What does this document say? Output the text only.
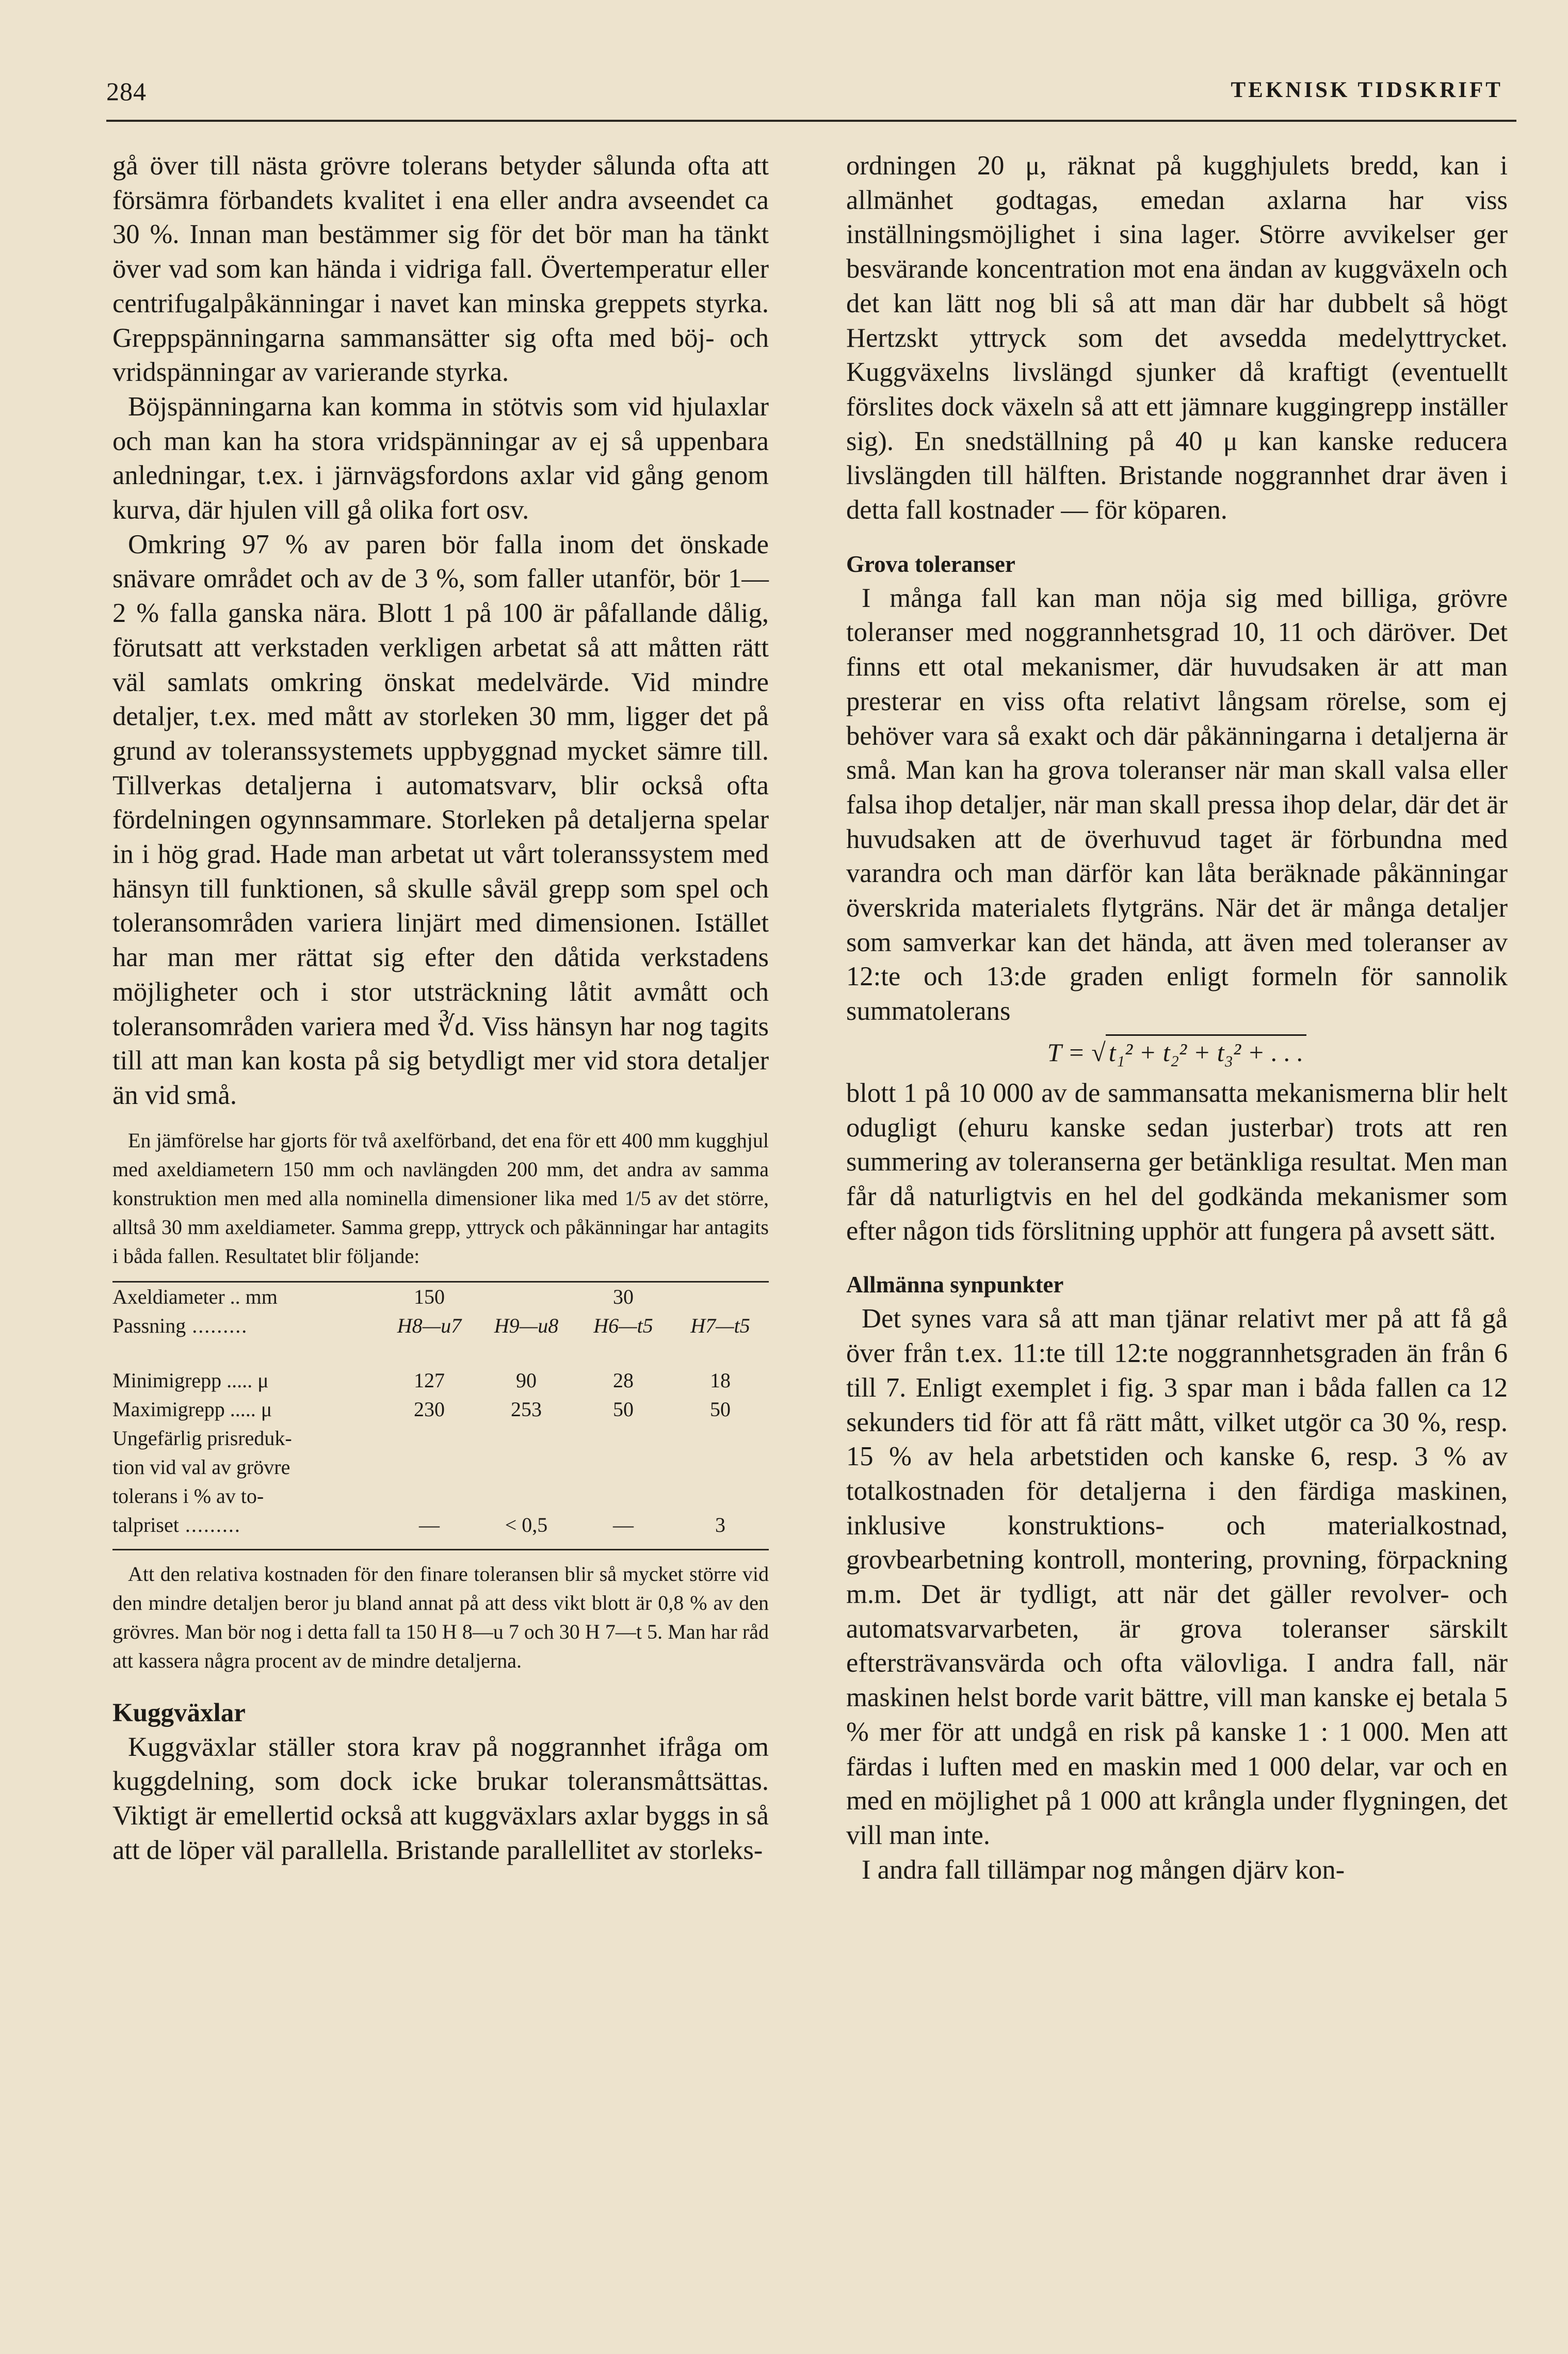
284	TEKNISK TIDSKRIFT

gå över till nästa grövre tolerans betyder sålunda ofta att försämra förbandets kvalitet i ena eller andra avseendet ca 30 %. Innan man bestämmer sig för det bör man ha tänkt över vad som kan hända i vidriga fall. Övertemperatur eller centrifugalpåkänningar i navet kan minska greppets styrka. Greppspänningarna sammansätter sig ofta med böj- och vridspänningar av varierande styrka.

Böjspänningarna kan komma in stötvis som vid hjulaxlar och man kan ha stora vridspänningar av ej så uppenbara anledningar, t.ex. i järnvägsfordons axlar vid gång genom kurva, där hjulen vill gå olika fort osv.

Omkring 97 % av paren bör falla inom det önskade snävare området och av de 3 %, som faller utanför, bör 1—2 % falla ganska nära. Blott 1 på 100 är påfallande dålig, förutsatt att verkstaden verkligen arbetat så att måtten rätt väl samlats omkring önskat medelvärde. Vid mindre detaljer, t.ex. med mått av storleken 30 mm, ligger det på grund av toleranssystemets uppbyggnad mycket sämre till. Tillverkas detaljerna i automatsvarv, blir också ofta fördelningen ogynnsammare. Storleken på detaljerna spelar in i hög grad. Hade man arbetat ut vårt toleranssystem med hänsyn till funktionen, så skulle såväl grepp som spel och toleransområden variera linjärt med dimensionen. Istället har man mer rättat sig efter den dåtida verkstadens möjligheter och i stor utsträckning låtit avmått och toleransområden variera med ∛d. Viss hänsyn har nog tagits till att man kan kosta på sig betydligt mer vid stora detaljer än vid små.

En jämförelse har gjorts för två axelförband, det ena för ett 400 mm kugghjul med axeldiametern 150 mm och navlängden 200 mm, det andra av samma konstruktion men med alla nominella dimensioner lika med 1/5 av det större, alltså 30 mm axeldiameter. Samma grepp, yttryck och påkänningar har antagits i båda fallen. Resultatet blir följande:

Axeldiameter .. mm	150		30	
Passning .....	H8—u7	H9—u8	H6—t5	H7—t5

Minimigrepp ..... μ	127	90	28	18
Maximigrepp ..... μ	230	253	50	50
Ungefärlig prisreduk-				
tion vid val av grövre				
tolerans i % av to-				
talpriset .....	—	< 0,5	—	3

Att den relativa kostnaden för den finare toleransen blir så mycket större vid den mindre detaljen beror ju bland annat på att dess vikt blott är 0,8 % av den grövres. Man bör nog i detta fall ta 150 H 8—u 7 och 30 H 7—t 5. Man har råd att kassera några procent av de mindre detaljerna.

Kuggväxlar

Kuggväxlar ställer stora krav på noggrannhet ifråga om kuggdelning, som dock icke brukar toleransmåttsättas. Viktigt är emellertid också att kuggväxlars axlar byggs in så att de löper väl parallella. Bristande parallellitet av storleks-

ordningen 20 μ, räknat på kugghjulets bredd, kan i allmänhet godtagas, emedan axlarna har viss inställningsmöjlighet i sina lager. Större avvikelser ger besvärande koncentration mot ena ändan av kuggväxeln och det kan lätt nog bli så att man där har dubbelt så högt Hertzskt yttryck som det avsedda medelyttrycket. Kuggväxelns livslängd sjunker då kraftigt (eventuellt förslites dock växeln så att ett jämnare kuggingrepp inställer sig). En snedställning på 40 μ kan kanske reducera livslängden till hälften. Bristande noggrannhet drar även i detta fall kostnader — för köparen.

Grova toleranser

I många fall kan man nöja sig med billiga, grövre toleranser med noggrannhetsgrad 10, 11 och däröver. Det finns ett otal mekanismer, där huvudsaken är att man presterar en viss ofta relativt långsam rörelse, som ej behöver vara så exakt och där påkänningarna i detaljerna är små. Man kan ha grova toleranser när man skall valsa eller falsa ihop detaljer, när man skall pressa ihop delar, där det är huvudsaken att de överhuvud taget är förbundna med varandra och man därför kan låta beräknade påkänningar överskrida materialets flytgräns. När det är många detaljer som samverkar kan det hända, att även med toleranser av 12:te och 13:de graden enligt formeln för sannolik summatolerans

T = √ t₁² + t₂² + t₃² + . . .

blott 1 på 10 000 av de sammansatta mekanismerna blir helt odugligt (ehuru kanske sedan justerbar) trots att ren summering av toleranserna ger betänkliga resultat. Men man får då naturligtvis en hel del godkända mekanismer som efter någon tids förslitning upphör att fungera på avsett sätt.

Allmänna synpunkter

Det synes vara så att man tjänar relativt mer på att få gå över från t.ex. 11:te till 12:te noggrannhetsgraden än från 6 till 7. Enligt exemplet i fig. 3 spar man i båda fallen ca 12 sekunders tid för att få rätt mått, vilket utgör ca 30 %, resp. 15 % av hela arbetstiden och kanske 6, resp. 3 % av totalkostnaden för detaljerna i den färdiga maskinen, inklusive konstruktions- och materialkostnad, grovbearbetning kontroll, montering, provning, förpackning m.m. Det är tydligt, att när det gäller revolver- och automatsvarvarbeten, är grova toleranser särskilt eftersträvansvärda och ofta välovliga. I andra fall, när maskinen helst borde varit bättre, vill man kanske ej betala 5 % mer för att undgå en risk på kanske 1 : 1 000. Men att färdas i luften med en maskin med 1 000 delar, var och en med en möjlighet på 1 000 att krångla under flygningen, det vill man inte.

I andra fall tillämpar nog mången djärv kon-
